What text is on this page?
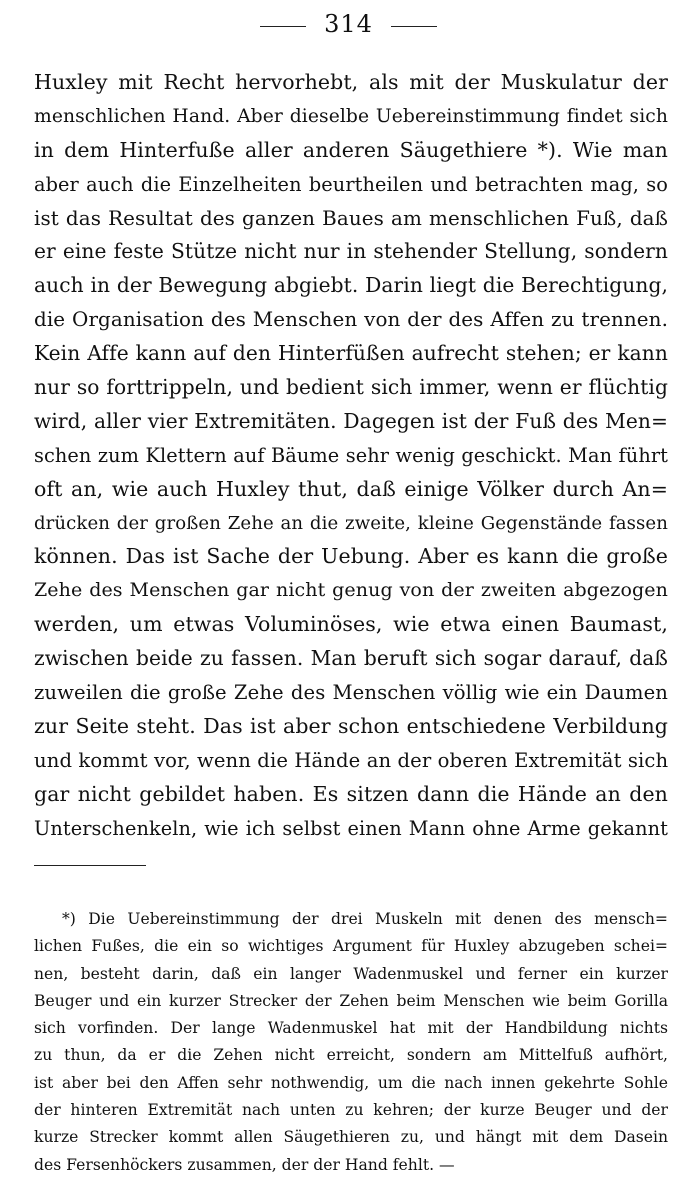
314
Huxley mit Recht hervorhebt, als mit der Muskulatur der
menschlichen Hand. Aber dieselbe Uebereinstimmung findet sich
in dem Hinterfuße aller anderen Säugethiere *). Wie man
aber auch die Einzelheiten beurtheilen und betrachten mag, so
ist das Resultat des ganzen Baues am menschlichen Fuß, daß
er eine feste Stütze nicht nur in stehender Stellung, sondern
auch in der Bewegung abgiebt. Darin liegt die Berechtigung,
die Organisation des Menschen von der des Affen zu trennen.
Kein Affe kann auf den Hinterfüßen aufrecht stehen; er kann
nur so forttrippeln, und bedient sich immer, wenn er flüchtig
wird, aller vier Extremitäten. Dagegen ist der Fuß des Men=
schen zum Klettern auf Bäume sehr wenig geschickt. Man führt
oft an, wie auch Huxley thut, daß einige Völker durch An=
drücken der großen Zehe an die zweite, kleine Gegenstände fassen
können. Das ist Sache der Uebung. Aber es kann die große
Zehe des Menschen gar nicht genug von der zweiten abgezogen
werden, um etwas Voluminöses, wie etwa einen Baumast,
zwischen beide zu fassen. Man beruft sich sogar darauf, daß
zuweilen die große Zehe des Menschen völlig wie ein Daumen
zur Seite steht. Das ist aber schon entschiedene Verbildung
und kommt vor, wenn die Hände an der oberen Extremität sich
gar nicht gebildet haben. Es sitzen dann die Hände an den
Unterschenkeln, wie ich selbst einen Mann ohne Arme gekannt
*) Die Uebereinstimmung der drei Muskeln mit denen des mensch=
lichen Fußes, die ein so wichtiges Argument für Huxley abzugeben schei=
nen, besteht darin, daß ein langer Wadenmuskel und ferner ein kurzer
Beuger und ein kurzer Strecker der Zehen beim Menschen wie beim Gorilla
sich vorfinden. Der lange Wadenmuskel hat mit der Handbildung nichts
zu thun, da er die Zehen nicht erreicht, sondern am Mittelfuß aufhört,
ist aber bei den Affen sehr nothwendig, um die nach innen gekehrte Sohle
der hinteren Extremität nach unten zu kehren; der kurze Beuger und der
kurze Strecker kommt allen Säugethieren zu, und hängt mit dem Dasein
des Fersenhöckers zusammen, der der Hand fehlt. —
